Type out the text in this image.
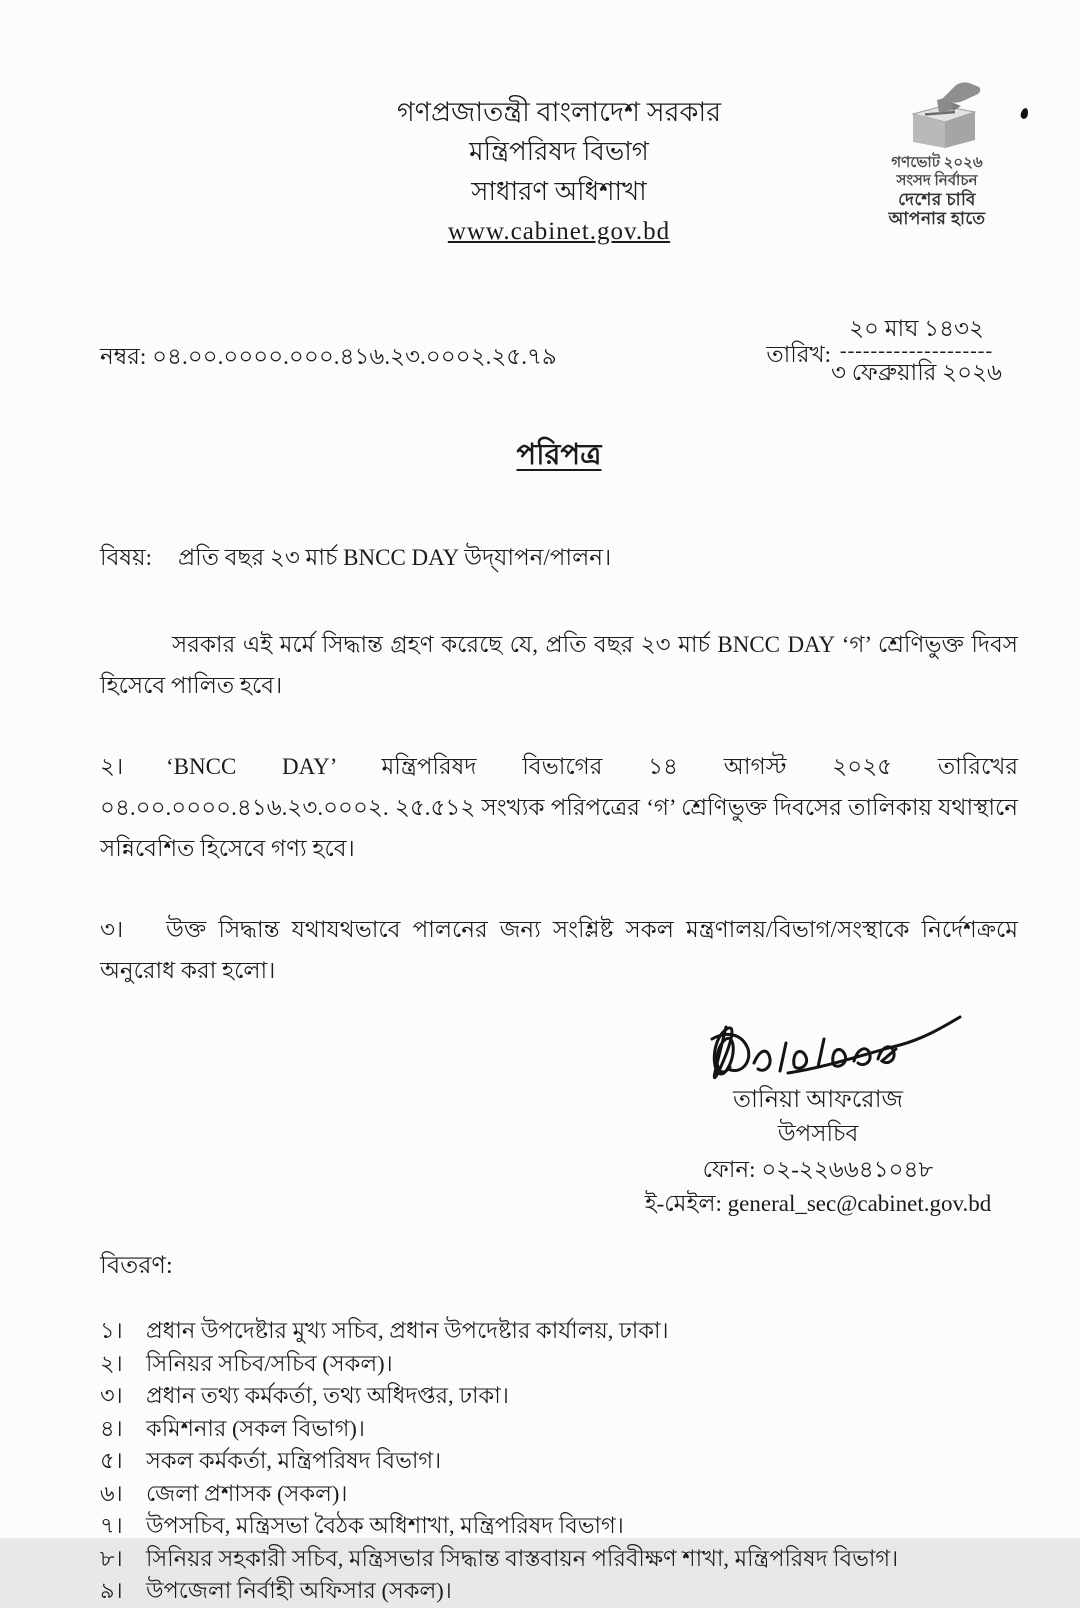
গণভোট ২০২৬
সংসদ নির্বাচন
দেশের চাবি
আপনার হাতে
গণপ্রজাতন্ত্রী বাংলাদেশ সরকার
মন্ত্রিপরিষদ বিভাগ
সাধারণ অধিশাখা
www.cabinet.gov.bd
নম্বর: ০৪.০০.০০০০.০০০.৪১৬.২৩.০০০২.২৫.৭৯	তারিখ:
২০ মাঘ ১৪৩২
--------------------
৩ ফেব্রুয়ারি ২০২৬
পরিপত্র
বিষয়:	প্রতি বছর ২৩ মার্চ BNCC DAY উদ্‌যাপন/পালন।
সরকার এই মর্মে সিদ্ধান্ত গ্রহণ করেছে যে, প্রতি বছর ২৩ মার্চ BNCC DAY ‘গ’ শ্রেণিভুক্ত দিবস হিসেবে পালিত হবে।
২। ‘BNCC DAY’ মন্ত্রিপরিষদ বিভাগের ১৪ আগস্ট ২০২৫ তারিখের ০৪.০০.০০০০.৪১৬.২৩.০০০২. ২৫.৫১২ সংখ্যক পরিপত্রের ‘গ’ শ্রেণিভুক্ত দিবসের তালিকায় যথাস্থানে সন্নিবেশিত হিসেবে গণ্য হবে।
৩। উক্ত সিদ্ধান্ত যথাযথভাবে পালনের জন্য সংশ্লিষ্ট সকল মন্ত্রণালয়/বিভাগ/সংস্থাকে নির্দেশক্রমে অনুরোধ করা হলো।
তানিয়া আফরোজ
উপসচিব
ফোন: ০২-২২৬৬৪১০৪৮
ই-মেইল: general_sec@cabinet.gov.bd
বিতরণ:
১।	প্রধান উপদেষ্টার মুখ্য সচিব, প্রধান উপদেষ্টার কার্যালয়, ঢাকা।
২।	সিনিয়র সচিব/সচিব (সকল)।
৩।	প্রধান তথ্য কর্মকর্তা, তথ্য অধিদপ্তর, ঢাকা।
৪।	কমিশনার (সকল বিভাগ)।
৫।	সকল কর্মকর্তা, মন্ত্রিপরিষদ বিভাগ।
৬।	জেলা প্রশাসক (সকল)।
৭।	উপসচিব, মন্ত্রিসভা বৈঠক অধিশাখা, মন্ত্রিপরিষদ বিভাগ।
৮।	সিনিয়র সহকারী সচিব, মন্ত্রিসভার সিদ্ধান্ত বাস্তবায়ন পরিবীক্ষণ শাখা, মন্ত্রিপরিষদ বিভাগ।
৯।	উপজেলা নির্বাহী অফিসার (সকল)।
